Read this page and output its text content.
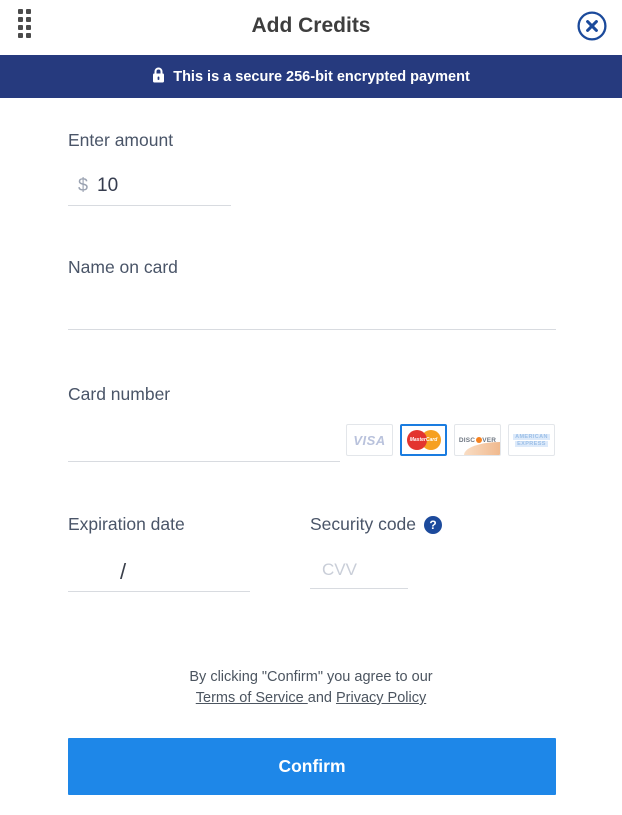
Add Credits
This is a secure 256-bit encrypted payment
Enter amount
$
10
Name on card
Card number
VISA	MasterCard	DISC VER	AMERICAN
EXPRESS
Expiration date
/
Security code	?
CVV
By clicking "Confirm" you agree to our
Terms of Service and Privacy Policy
Confirm
